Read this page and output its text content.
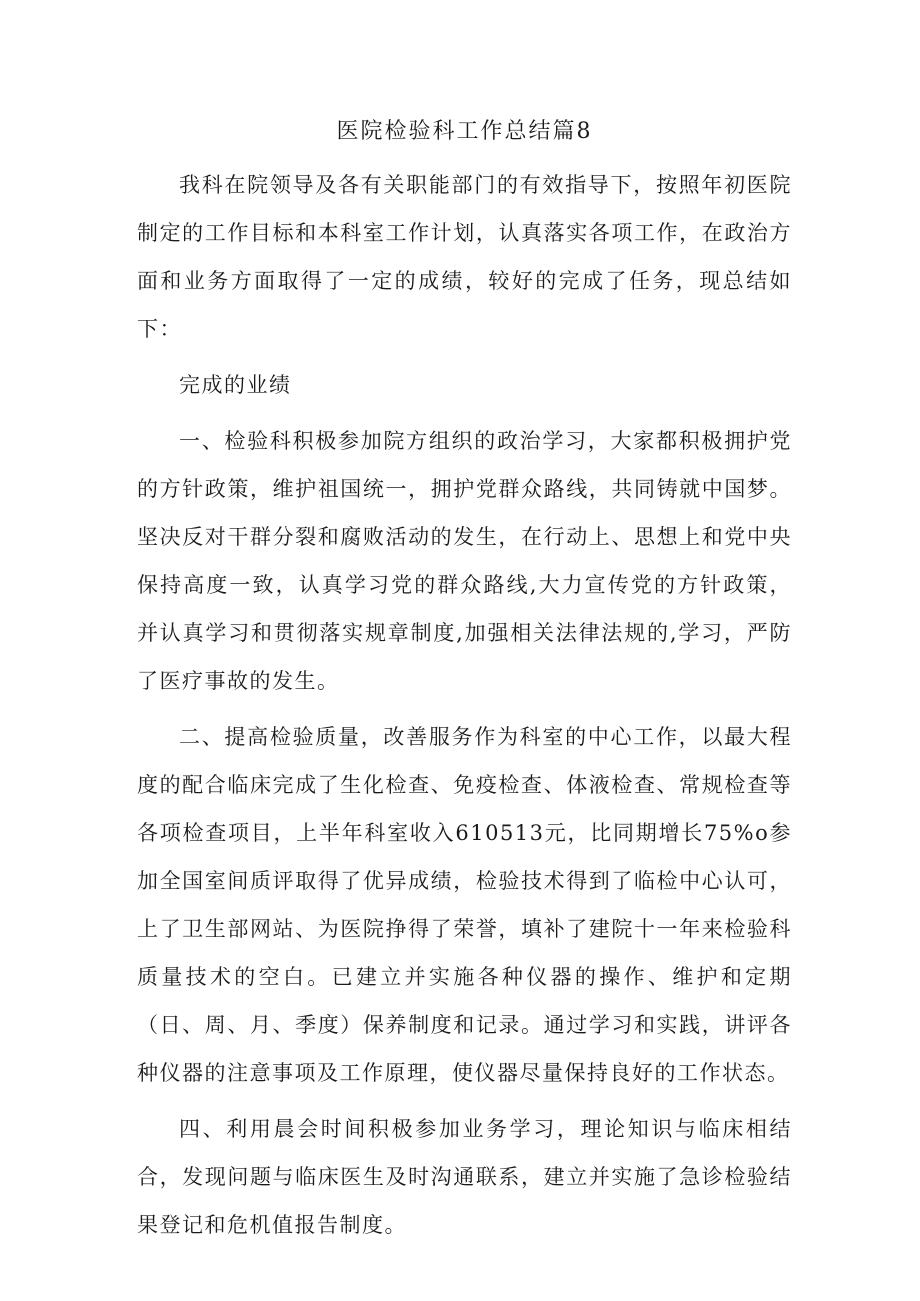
医院检验科工作总结篇8

我科在院领导及各有关职能部门的有效指导下，按照年初医院制定的工作目标和本科室工作计划，认真落实各项工作，在政治方面和业务方面取得了一定的成绩，较好的完成了任务，现总结如下：

完成的业绩

一、检验科积极参加院方组织的政治学习，大家都积极拥护党的方针政策，维护祖国统一，拥护党群众路线，共同铸就中国梦。坚决反对干群分裂和腐败活动的发生，在行动上、思想上和党中央保持高度一致，认真学习党的群众路线,大力宣传党的方针政策，并认真学习和贯彻落实规章制度,加强相关法律法规的,学习，严防了医疗事故的发生。

二、提高检验质量，改善服务作为科室的中心工作，以最大程度的配合临床完成了生化检查、免疫检查、体液检查、常规检查等各项检查项目，上半年科室收入610513元，比同期增长75%o参加全国室间质评取得了优异成绩，检验技术得到了临检中心认可，上了卫生部网站、为医院挣得了荣誉，填补了建院十一年来检验科质量技术的空白。已建立并实施各种仪器的操作、维护和定期（日、周、月、季度）保养制度和记录。通过学习和实践，讲评各种仪器的注意事项及工作原理，使仪器尽量保持良好的工作状态。

四、利用晨会时间积极参加业务学习，理论知识与临床相结合，发现问题与临床医生及时沟通联系，建立并实施了急诊检验结果登记和危机值报告制度。
